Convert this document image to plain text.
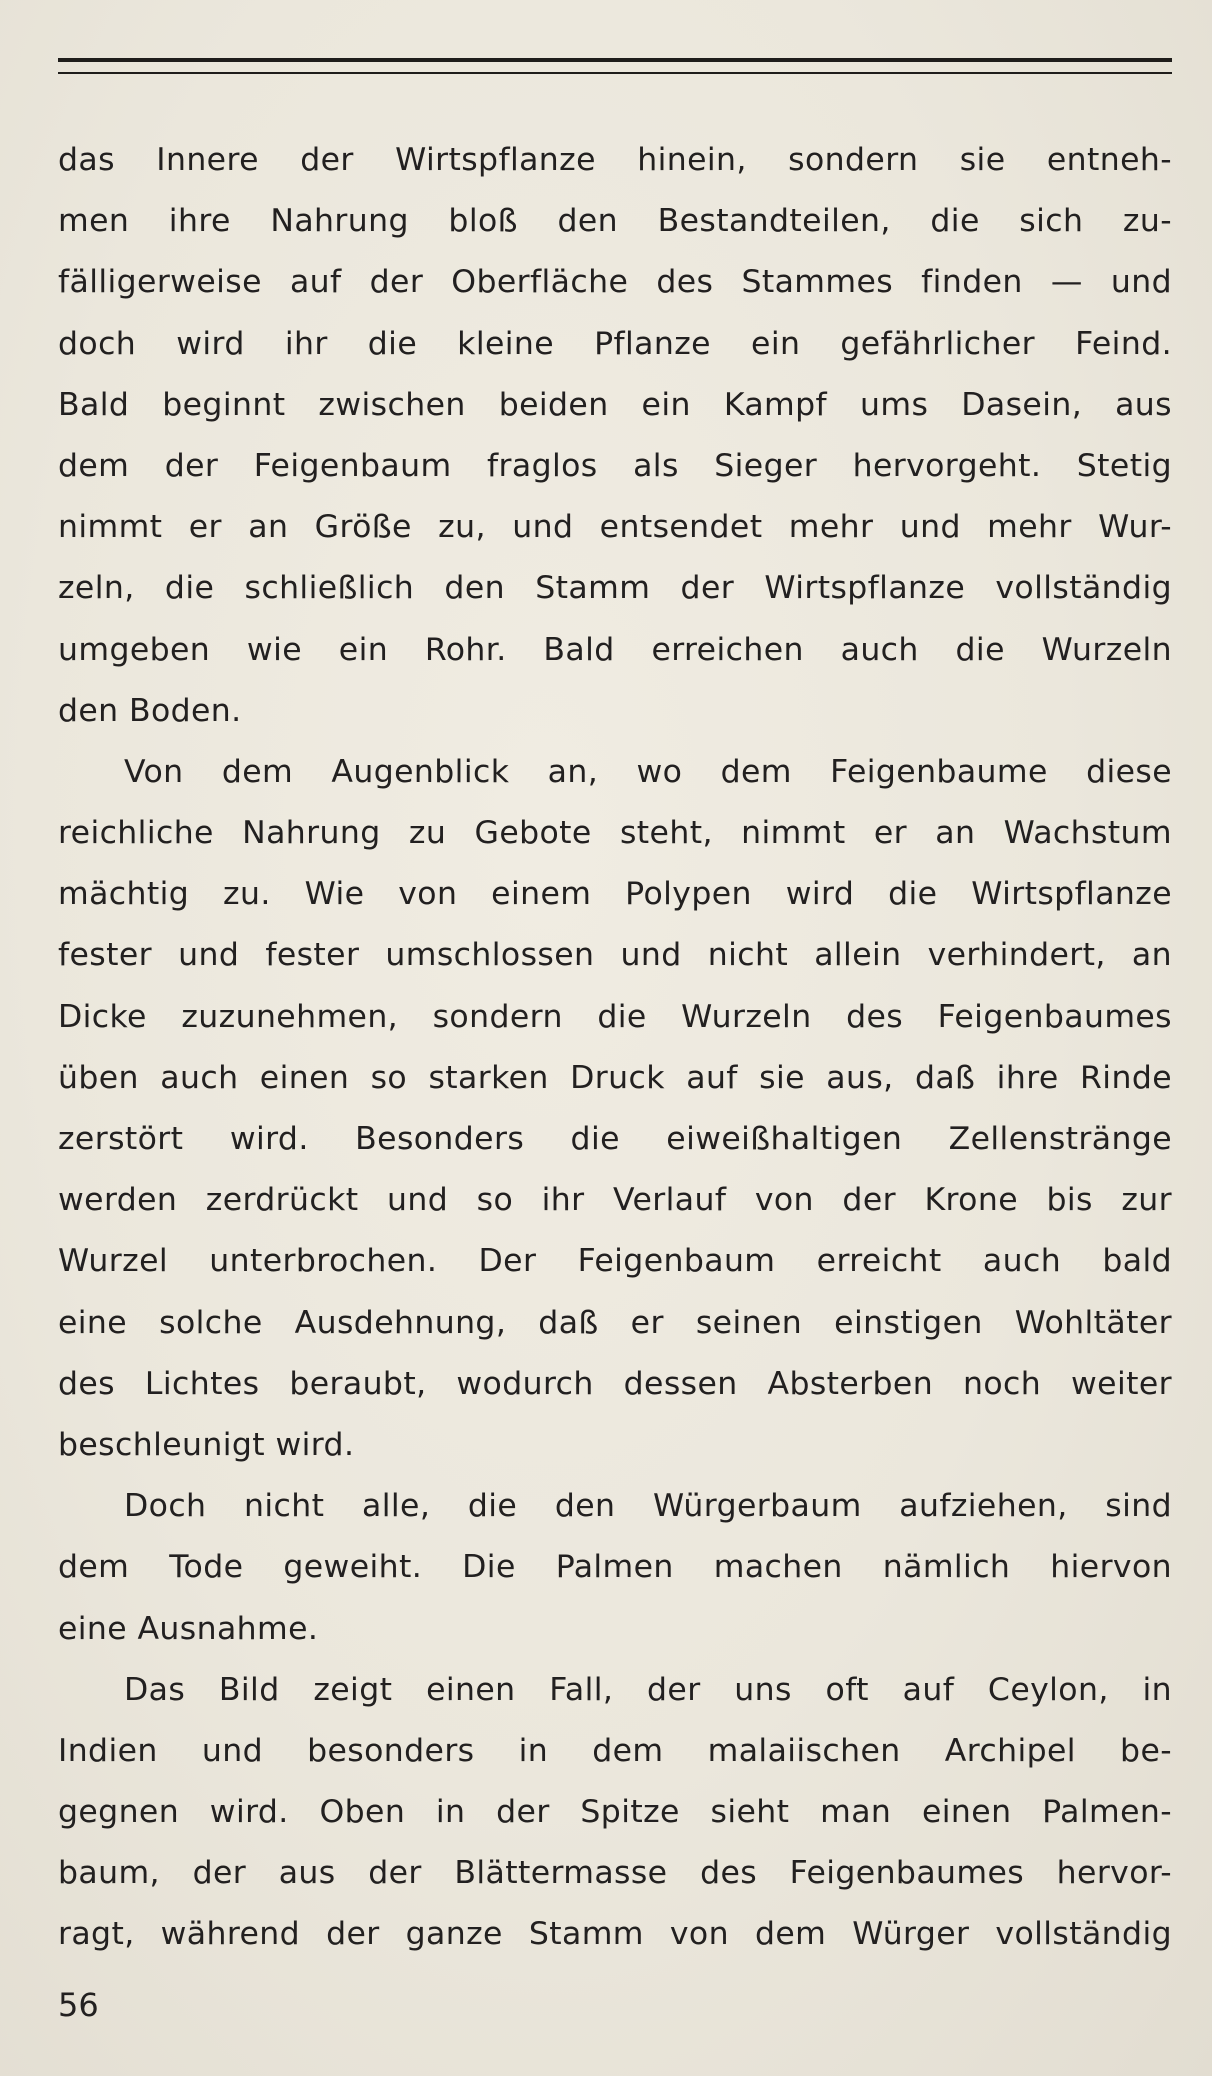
das Innere der Wirtspflanze hinein, sondern sie entneh-
men ihre Nahrung bloß den Bestandteilen, die sich zu-
fälligerweise auf der Oberfläche des Stammes finden — und
doch wird ihr die kleine Pflanze ein gefährlicher Feind.
Bald beginnt zwischen beiden ein Kampf ums Dasein, aus
dem der Feigenbaum fraglos als Sieger hervorgeht. Stetig
nimmt er an Größe zu, und entsendet mehr und mehr Wur-
zeln, die schließlich den Stamm der Wirtspflanze vollständig
umgeben wie ein Rohr. Bald erreichen auch die Wurzeln
den Boden.
Von dem Augenblick an, wo dem Feigenbaume diese
reichliche Nahrung zu Gebote steht, nimmt er an Wachstum
mächtig zu. Wie von einem Polypen wird die Wirtspflanze
fester und fester umschlossen und nicht allein verhindert, an
Dicke zuzunehmen, sondern die Wurzeln des Feigenbaumes
üben auch einen so starken Druck auf sie aus, daß ihre Rinde
zerstört wird. Besonders die eiweißhaltigen Zellenstränge
werden zerdrückt und so ihr Verlauf von der Krone bis zur
Wurzel unterbrochen. Der Feigenbaum erreicht auch bald
eine solche Ausdehnung, daß er seinen einstigen Wohltäter
des Lichtes beraubt, wodurch dessen Absterben noch weiter
beschleunigt wird.
Doch nicht alle, die den Würgerbaum aufziehen, sind
dem Tode geweiht. Die Palmen machen nämlich hiervon
eine Ausnahme.
Das Bild zeigt einen Fall, der uns oft auf Ceylon, in
Indien und besonders in dem malaiischen Archipel be-
gegnen wird. Oben in der Spitze sieht man einen Palmen-
baum, der aus der Blättermasse des Feigenbaumes hervor-
ragt, während der ganze Stamm von dem Würger vollständig
56
